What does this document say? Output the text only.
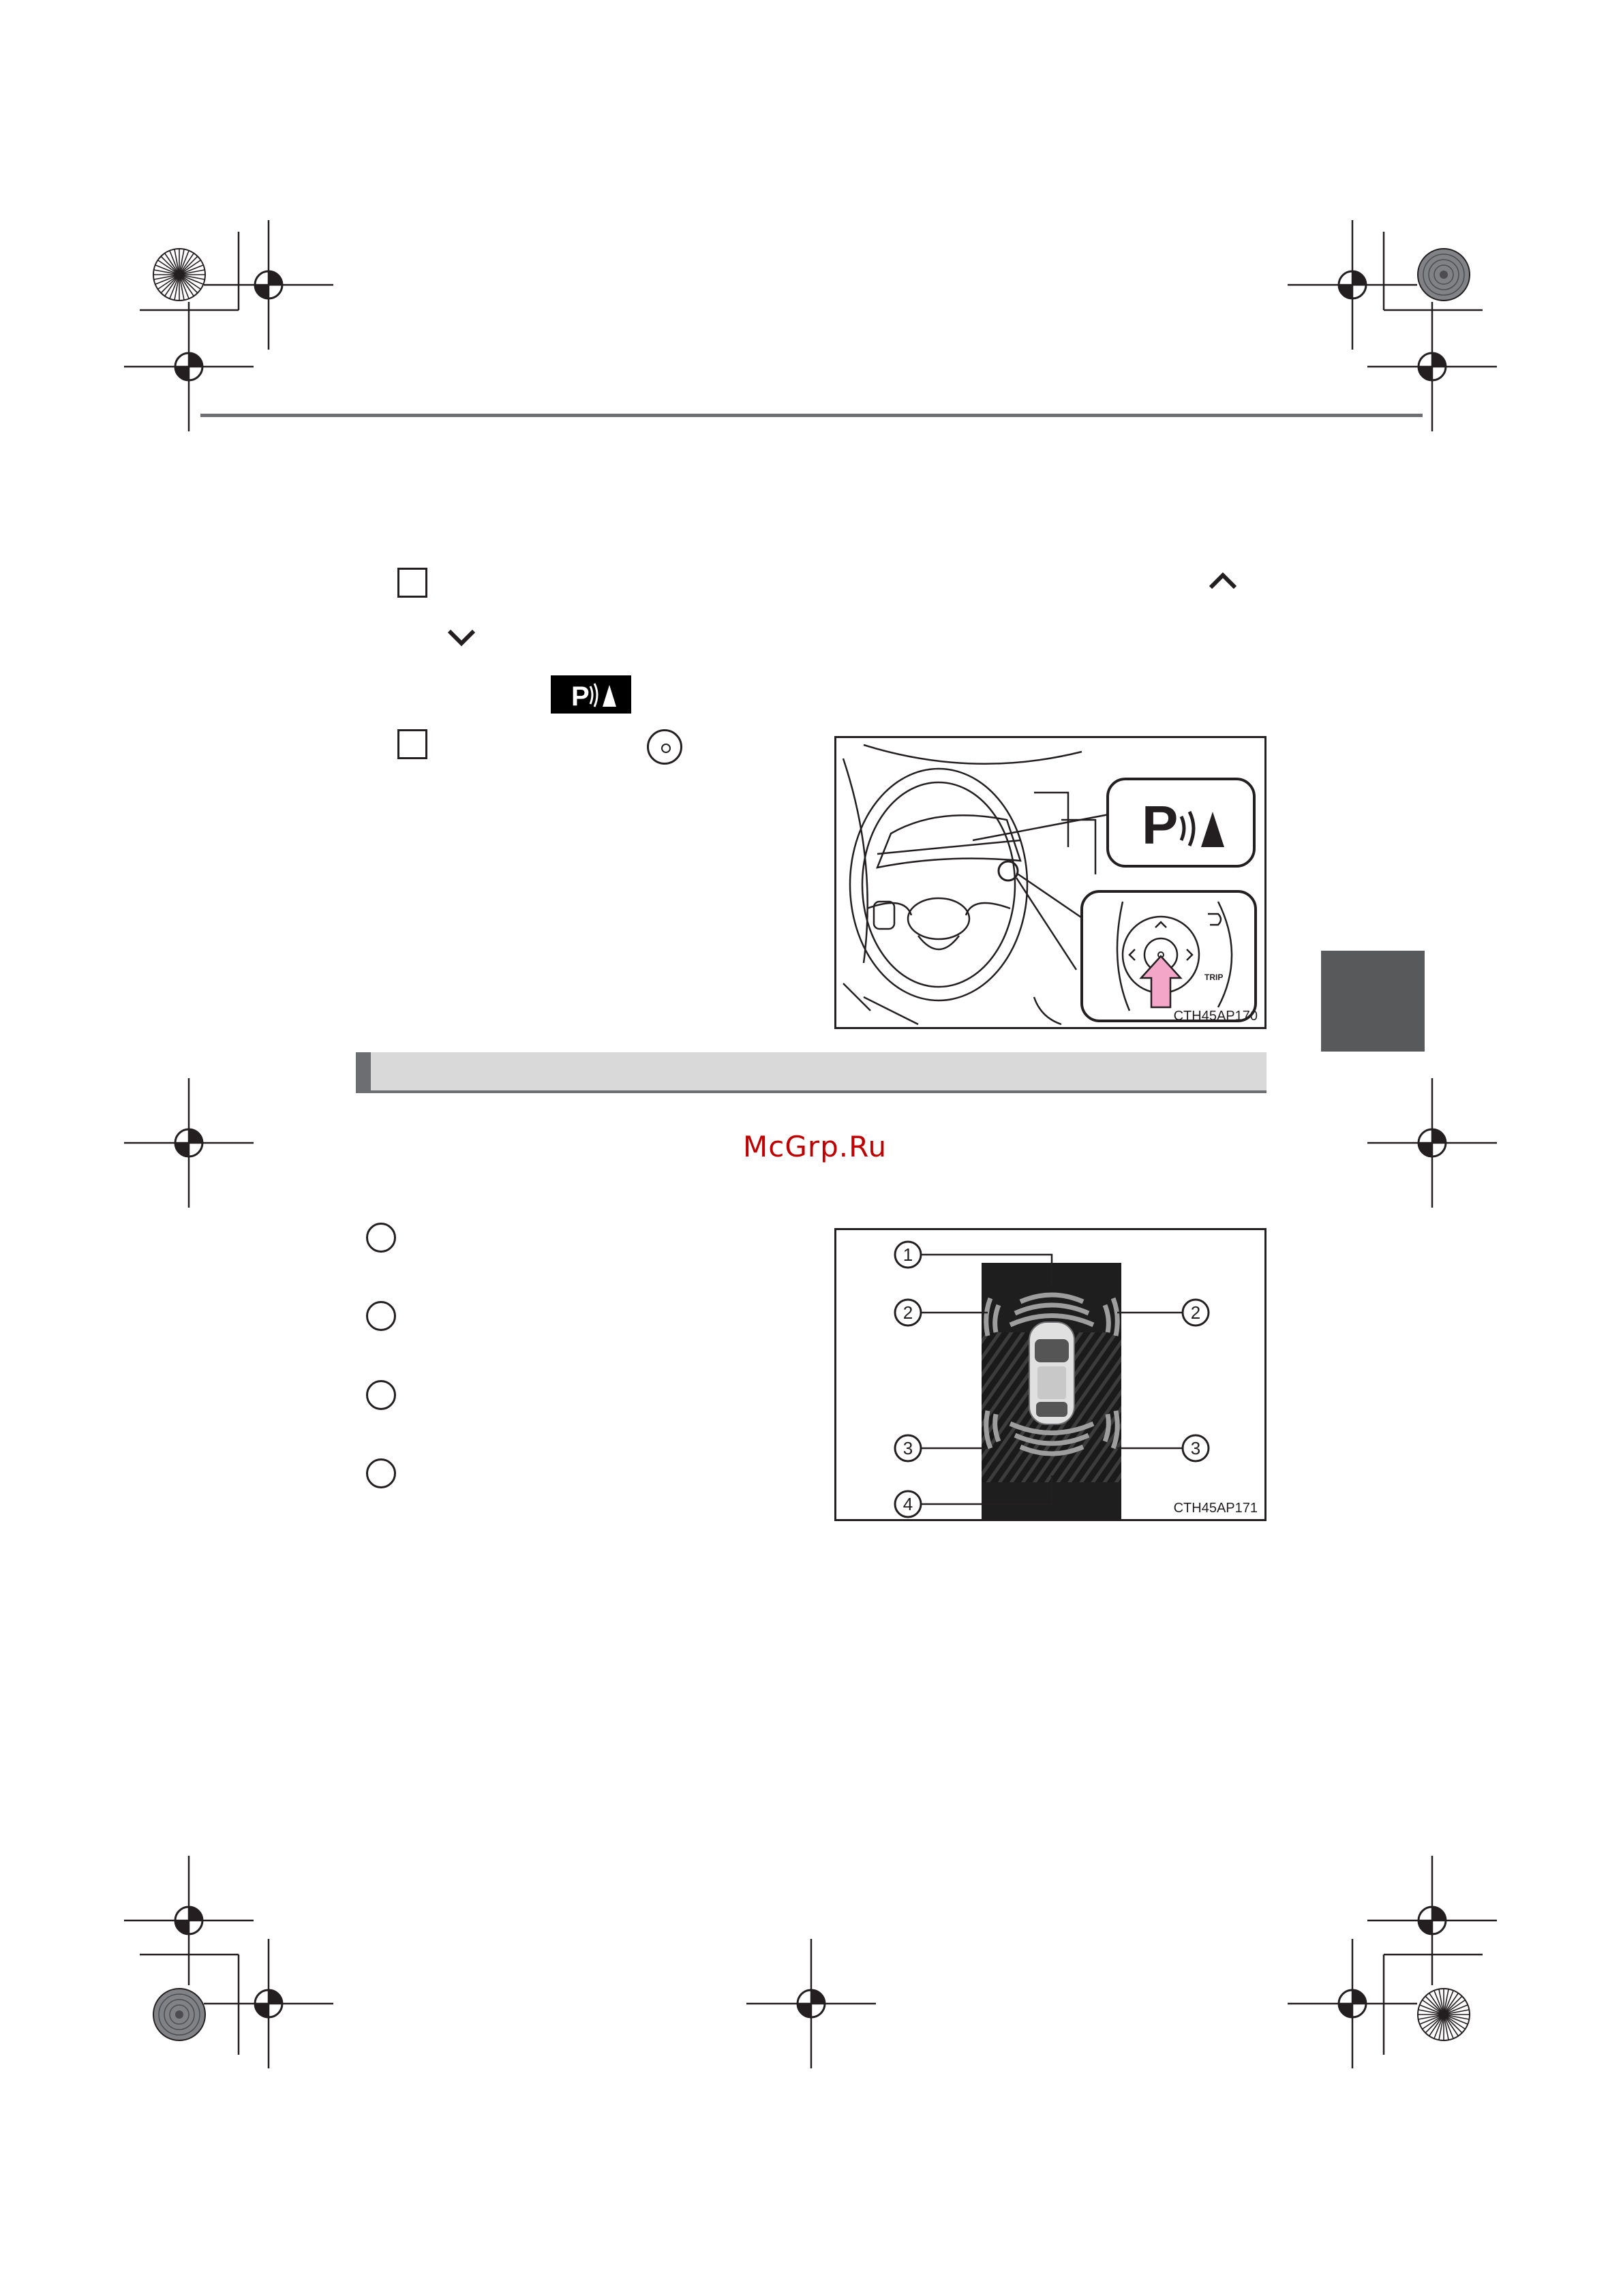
P
P
TRIP
CTH45AP170
McGrp.Ru
1
2	2
3	3
4	CTH45AP171
